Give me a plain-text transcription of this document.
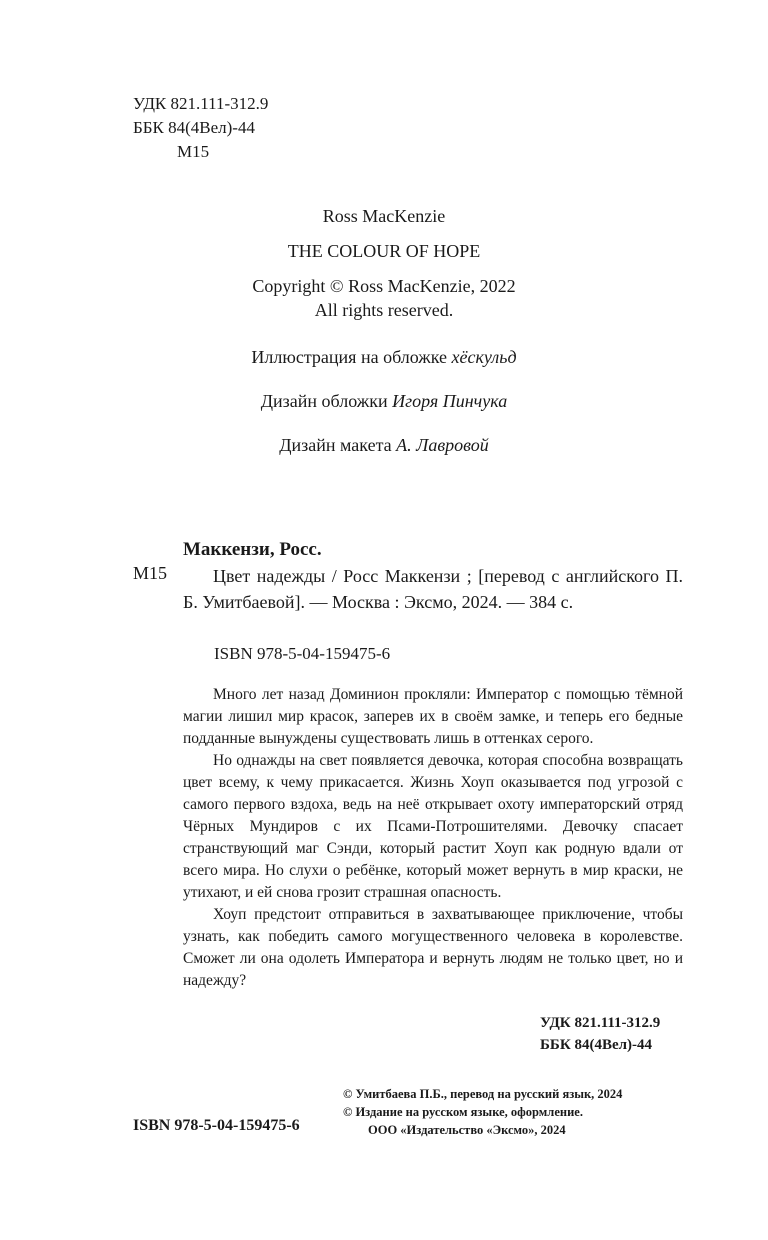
УДК 821.111-312.9
ББК 84(4Вел)-44
М15
Ross MacKenzie
THE COLOUR OF HOPE
Copyright © Ross MacKenzie, 2022
All rights reserved.
Иллюстрация на обложке хёскульд
Дизайн обложки Игоря Пинчука
Дизайн макета А. Лавровой
Маккензи, Росс.
М15	Цвет надежды / Росс Маккензи ; [перевод с английского П. Б. Умитбаевой]. — Москва : Эксмо, 2024. — 384 с.
ISBN 978-5-04-159475-6

Много лет назад Доминион прокляли: Император с помощью тёмной магии лишил мир красок, заперев их в своём замке, и теперь его бедные подданные вынуждены существовать лишь в оттенках серого.

Но однажды на свет появляется девочка, которая способна возвращать цвет всему, к чему прикасается. Жизнь Хоуп оказывается под угрозой с самого первого вздоха, ведь на неё открывает охоту императорский отряд Чёрных Мундиров с их Псами-Потрошителями. Девочку спасает странствующий маг Сэнди, который растит Хоуп как родную вдали от всего мира. Но слухи о ребёнке, который может вернуть в мир краски, не утихают, и ей снова грозит страшная опасность.

Хоуп предстоит отправиться в захватывающее приключение, чтобы узнать, как победить самого могущественного человека в королевстве. Сможет ли она одолеть Императора и вернуть людям не только цвет, но и надежду?

УДК 821.111-312.9
ББК 84(4Вел)-44
ISBN 978-5-04-159475-6
© Умитбаева П.Б., перевод на русский язык, 2024
© Издание на русском языке, оформление.
ООО «Издательство «Эксмо», 2024
